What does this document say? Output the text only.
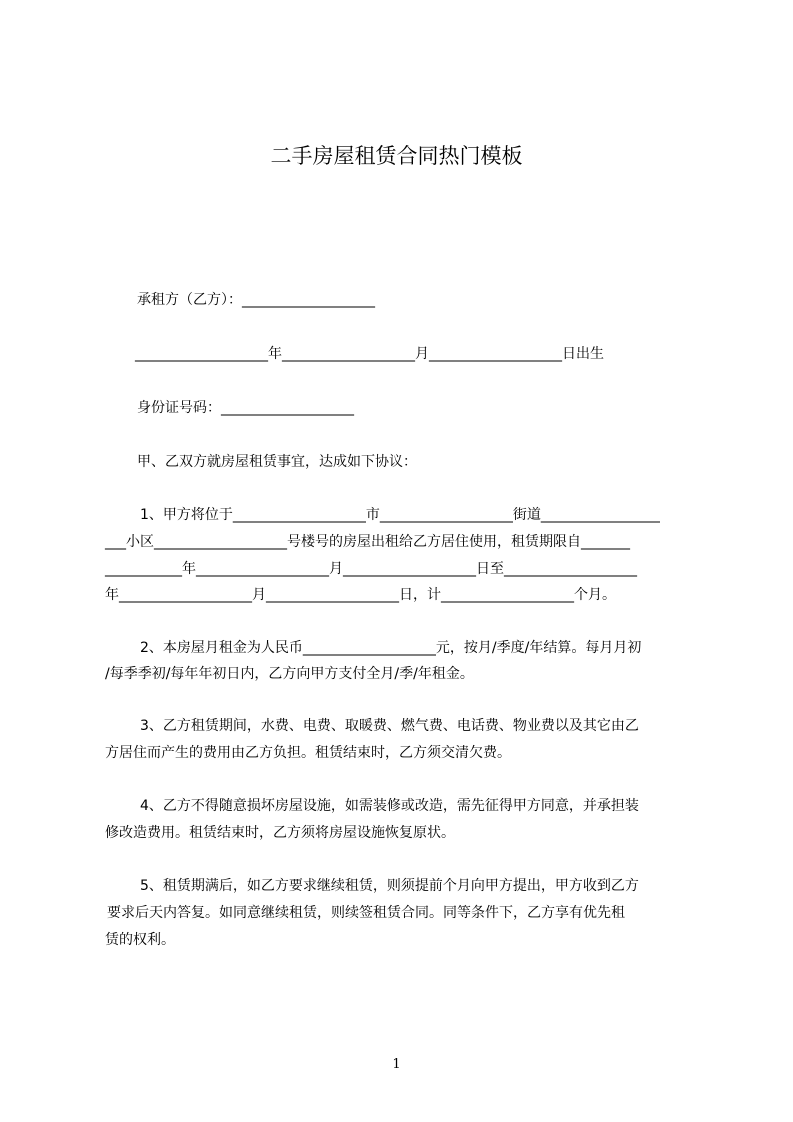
二手房屋租赁合同热门模板
承租方（乙方）：___________________
___________________年___________________月___________________日出生
身份证号码：___________________
甲、乙双方就房屋租赁事宜，达成如下协议：
1、甲方将位于___________________市___________________街道_________________
___小区___________________号楼号的房屋出租给乙方居住使用，租赁期限自_______
___________年___________________月___________________日至___________________
年___________________月___________________日，计___________________个月。
2、本房屋月租金为人民币___________________元，按月/季度/年结算。每月月初
/每季季初/每年年初日内，乙方向甲方支付全月/季/年租金。
3、乙方租赁期间，水费、电费、取暖费、燃气费、电话费、物业费以及其它由乙
方居住而产生的费用由乙方负担。租赁结束时，乙方须交清欠费。
4、乙方不得随意损坏房屋设施，如需装修或改造，需先征得甲方同意，并承担装
修改造费用。租赁结束时，乙方须将房屋设施恢复原状。
5、租赁期满后，如乙方要求继续租赁，则须提前个月向甲方提出，甲方收到乙方
要求后天内答复。如同意继续租赁，则续签租赁合同。同等条件下，乙方享有优先租
赁的权利。
1
